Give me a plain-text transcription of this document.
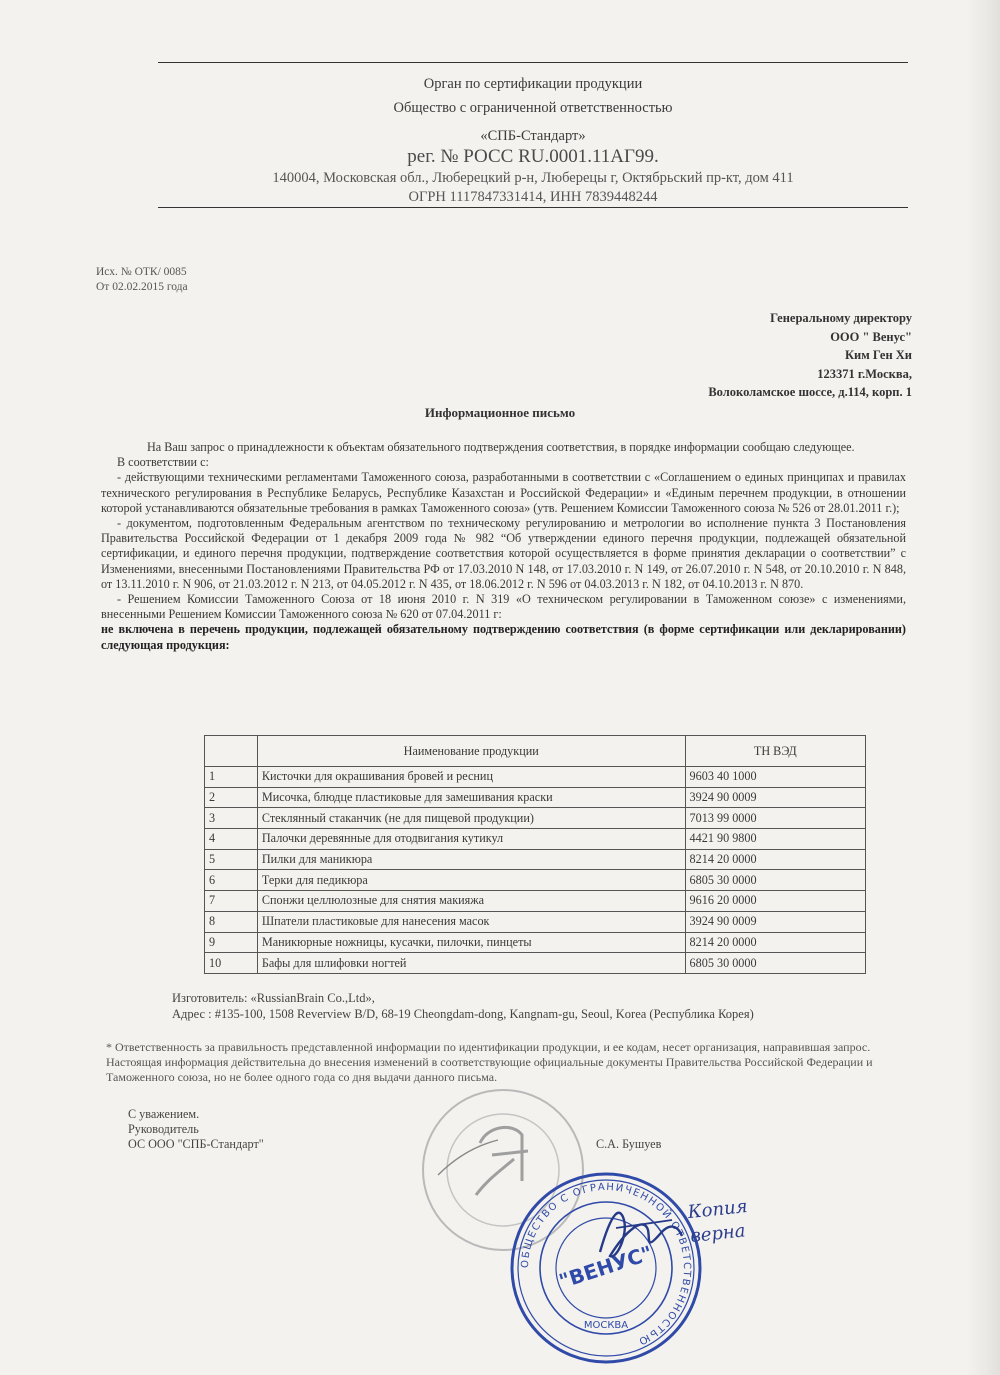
Орган по сертификации продукции
Общество с ограниченной ответственностью
«СПБ-Стандарт»
рег. № РОСС RU.0001.11АГ99.
140004, Московская обл., Люберецкий р-н, Люберецы г, Октябрьский пр-кт, дом 411
ОГРН 1117847331414, ИНН 7839448244
Исх. № ОТК/ 0085
От 02.02.2015 года
Генеральному директору
ООО " Венус"
Ким Ген Хи
123371 г.Москва,
Волоколамское шоссе, д.114, корп. 1
Информационное письмо

На Ваш запрос о принадлежности к объектам обязательного подтверждения соответствия, в порядке информации сообщаю следующее.

В соответствии с:

- действующими техническими регламентами Таможенного союза, разработанными в соответствии с «Соглашением о единых принципах и правилах технического регулирования в Республике Беларусь, Республике Казахстан и Российской Федерации» и «Единым перечнем продукции, в отношении которой устанавливаются обязательные требования в рамках Таможенного союза» (утв. Решением Комиссии Таможенного союза № 526 от 28.01.2011 г.);

- документом, подготовленным Федеральным агентством по техническому регулированию и метрологии во исполнение пункта 3 Постановления Правительства Российской Федерации от 1 декабря 2009 года № 982 “Об утверждении единого перечня продукции, подлежащей обязательной сертификации, и единого перечня продукции, подтверждение соответствия которой осуществляется в форме принятия декларации о соответствии” с Изменениями, внесенными Постановлениями Правительства РФ от 17.03.2010 N 148, от 17.03.2010 г. N 149, от 26.07.2010 г. N 548, от 20.10.2010 г. N 848, от 13.11.2010 г. N 906, от 21.03.2012 г. N 213, от 04.05.2012 г. N 435, от 18.06.2012 г. N 596 от 04.03.2013 г. N 182, от 04.10.2013 г. N 870.

- Решением Комиссии Таможенного Союза от 18 июня 2010 г. N 319 «О техническом регулировании в Таможенном союзе» с изменениями, внесенными Решением Комиссии Таможенного союза № 620 от 07.04.2011 г:

не включена в перечень продукции, подлежащей обязательному подтверждению соответствия (в форме сертификации или декларировании) следующая продукция:

	Наименование продукции	ТН ВЭД
1	Кисточки для окрашивания бровей и ресниц	9603 40 1000
2	Мисочка, блюдце пластиковые для замешивания краски	3924 90 0009
3	Стеклянный стаканчик (не для пищевой продукции)	7013 99 0000
4	Палочки деревянные для отодвигания кутикул	4421 90 9800
5	Пилки для маникюра	8214 20 0000
6	Терки для педикюра	6805 30 0000
7	Спонжи целлюлозные для снятия макияжа	9616 20 0000
8	Шпатели пластиковые для нанесения масок	3924 90 0009
9	Маникюрные ножницы, кусачки, пилочки, пинцеты	8214 20 0000
10	Бафы для шлифовки ногтей	6805 30 0000
Изготовитель: «RussianBrain Co.,Ltd»,
Адрес : #135-100, 1508 Reverview B/D, 68-19 Cheongdam-dong, Kangnam-gu, Seoul, Korea (Республика Корея)

* Ответственность за правильность представленной информации по идентификации продукции, и ее кодам, несет организация, направившая запрос.

Настоящая информация действительна до внесения изменений в соответствующие официальные документы Правительства Российской Федерации и Таможенного союза, но не более одного года со дня выдачи данного письма.

С уважением.
Руководитель
ОС ООО "СПБ-Стандарт"	С.А. Бушуев
ОБЩЕСТВО С ОГРАНИЧЕННОЙ ОТВЕТСТВЕННОСТЬЮ
"ВЕНУС"
МОСКВА
Копия
верна
